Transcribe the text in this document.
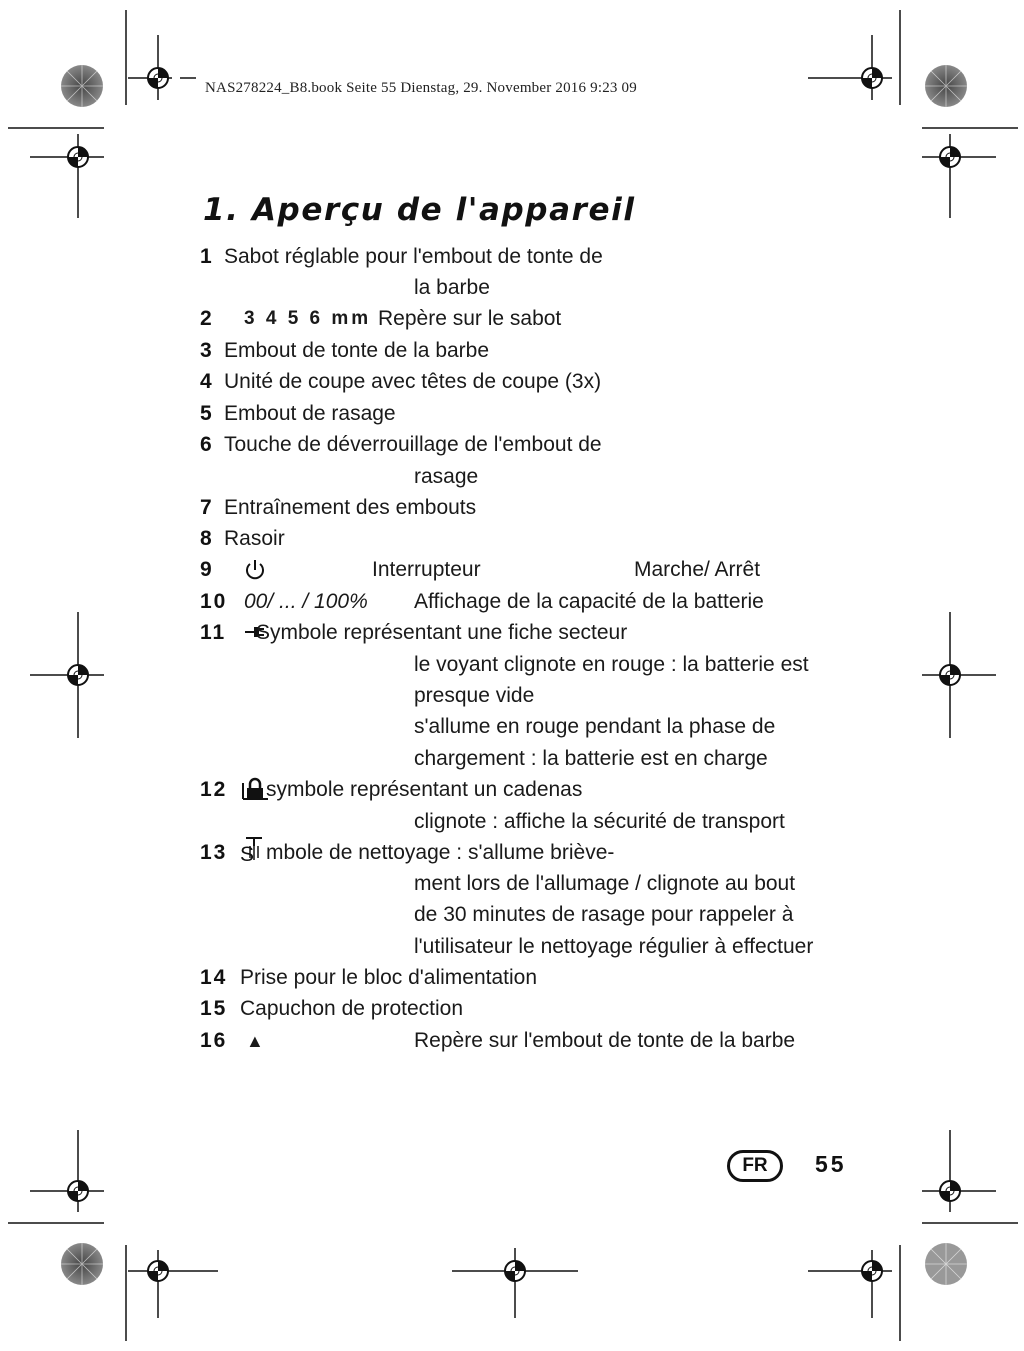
NAS278224_B8.book Seite 55 Dienstag, 29. November 2016 9:23 09
1. Aperçu de l'appareil
1 Sabot réglable pour l'embout de tonte de
la barbe
2 3 4 5 6 mm Repère sur le sabot
3 Embout de tonte de la barbe
4 Unité de coupe avec têtes de coupe (3x)
5 Embout de rasage
6 Touche de déverrouillage de l'embout de
rasage
7 Entraînement des embouts
8 Rasoir
9	Interrupteur	Marche/ Arrêt
10 00/ ... / 100% Affichage de la capacité de la batterie
11 Symbole représentant une fiche secteur
le voyant clignote en rouge : la batterie est
presque vide
s'allume en rouge pendant la phase de
chargement : la batterie est en charge
12 symbole représentant un cadenas
clignote : affiche la sécurité de transport
13 S mbole de nettoyage : s'allume briève-
ment lors de l'allumage / clignote au bout
de 30 minutes de rasage pour rappeler à
l'utilisateur le nettoyage régulier à effectuer
14 Prise pour le bloc d'alimentation
15 Capuchon de protection
16 ▲	Repère sur l'embout de tonte de la barbe
FR	55
